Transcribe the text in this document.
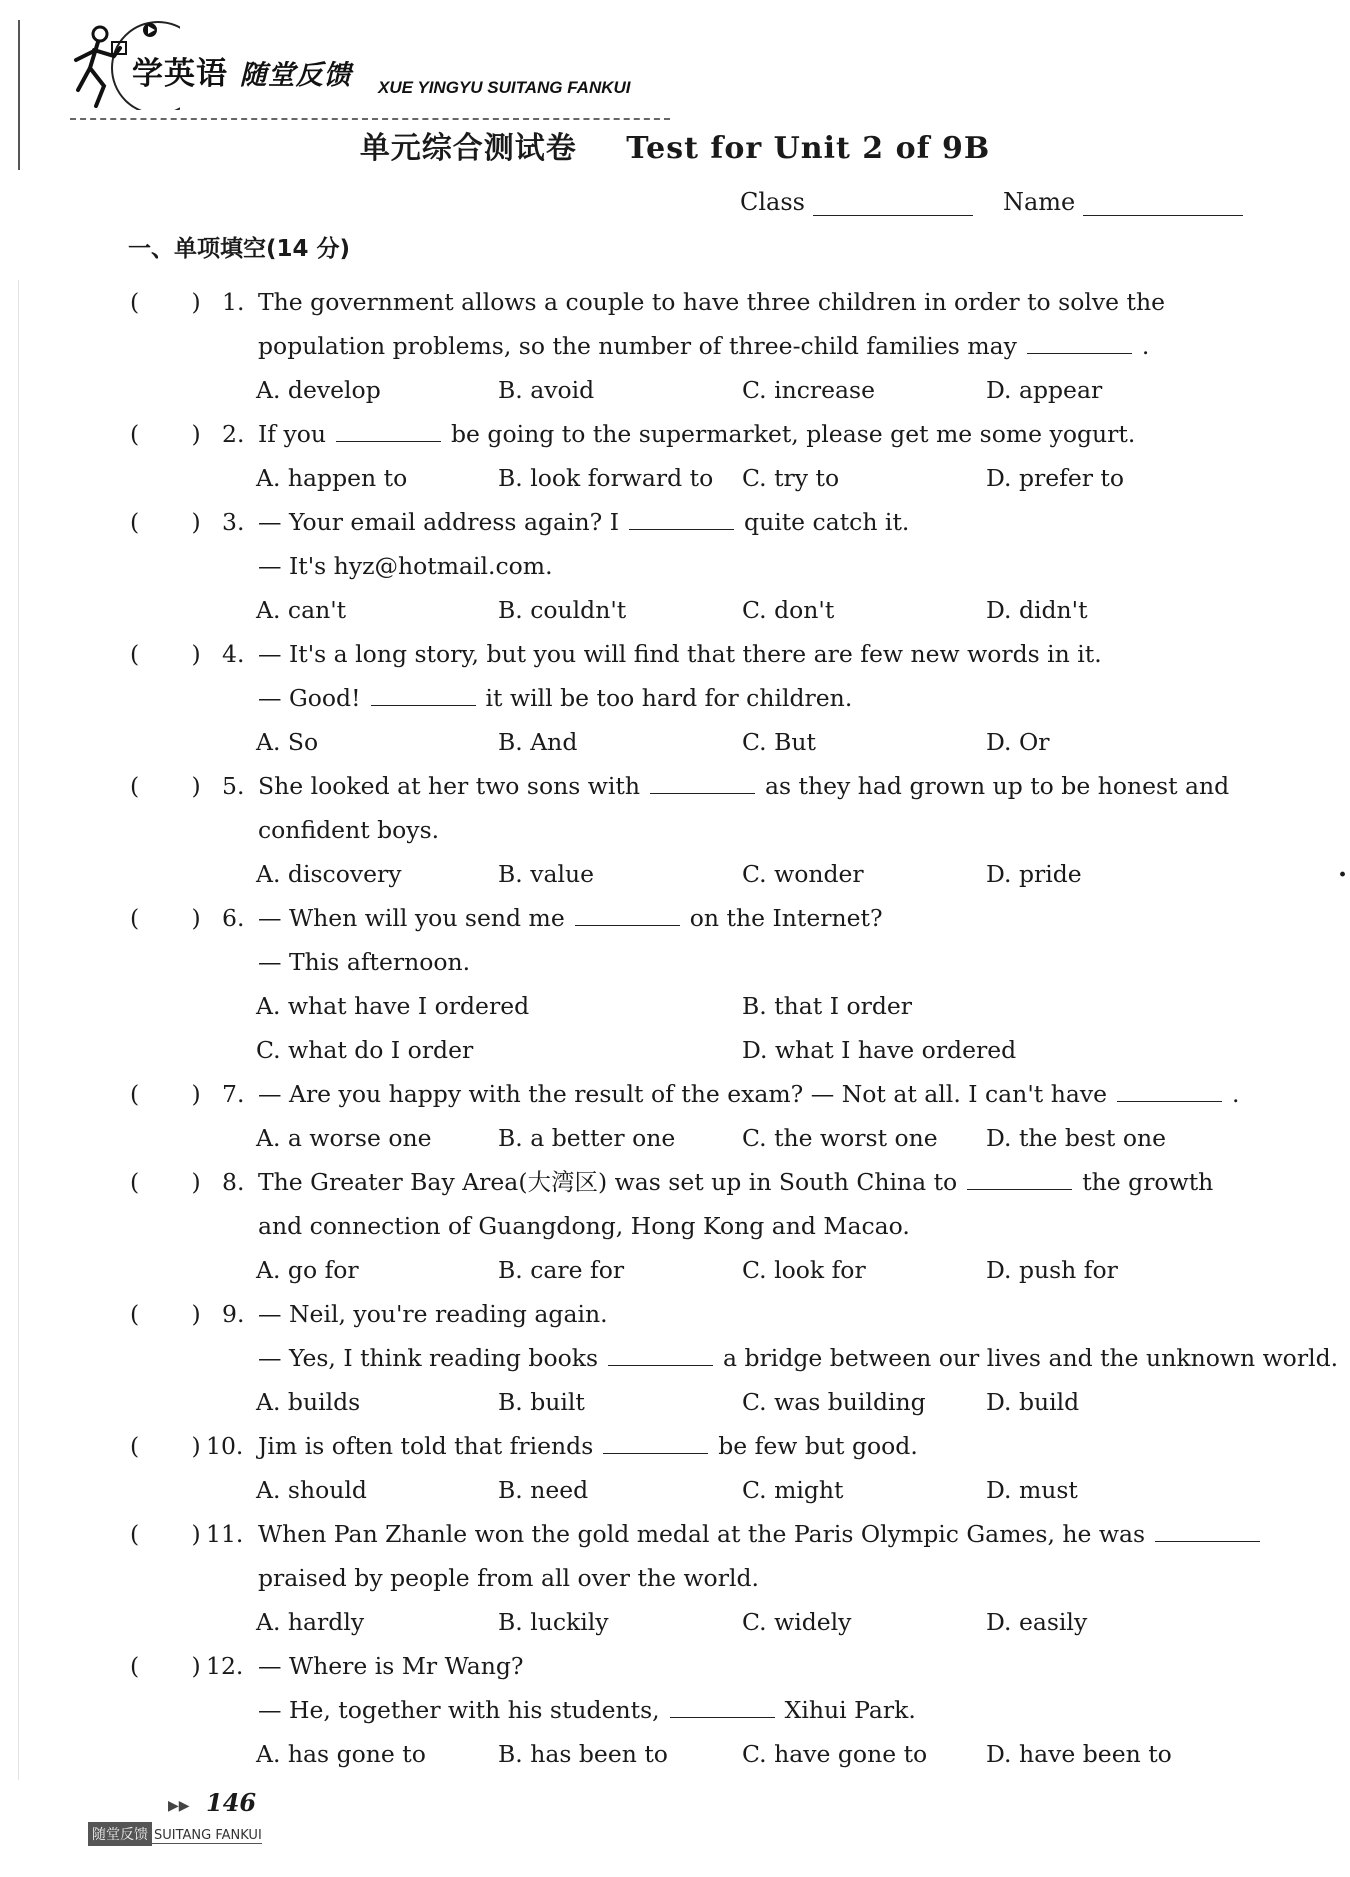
学英语 随堂反馈 XUE YINGYU SUITANG FANKUI
单元综合测试卷 Test for Unit 2 of 9B
Class	Name
一、单项填空(14 分)
(       ) 1. The government allows a couple to have three children in order to solve the
population problems, so the number of three-child families may	.
A. develop	B. avoid	C. increase	D. appear
(       ) 2. If you	be going to the supermarket, please get me some yogurt.
A. happen to	B. look forward to C. try to	D. prefer to
(       ) 3. — Your email address again? I	quite catch it.
— It's hyz@hotmail.com.
A. can't	B. couldn't	C. don't	D. didn't
(       ) 4. — It's a long story, but you will find that there are few new words in it.
— Good!	it will be too hard for children.
A. So	B. And	C. But	D. Or
(       ) 5. She looked at her two sons with	as they had grown up to be honest and
confident boys.
A. discovery	B. value	C. wonder	D. pride
(       ) 6. — When will you send me	on the Internet?
— This afternoon.
A. what have I ordered	B. that I order
C. what do I order	D. what I have ordered
(       ) 7. — Are you happy with the result of the exam? — Not at all. I can't have	.
A. a worse one	B. a better one	C. the worst one D. the best one
(       ) 8. The Greater Bay Area(大湾区) was set up in South China to	the growth
and connection of Guangdong, Hong Kong and Macao.
A. go for	B. care for	C. look for	D. push for
(       ) 9. — Neil, you're reading again.
— Yes, I think reading books	a bridge between our lives and the unknown world.
A. builds	B. built	C. was building	D. build
(       ) 10. Jim is often told that friends	be few but good.
A. should	B. need	C. might	D. must
(       ) 11. When Pan Zhanle won the gold medal at the Paris Olympic Games, he was
praised by people from all over the world.
A. hardly	B. luckily	C. widely	D. easily
(       ) 12. — Where is Mr Wang?
— He, together with his students,	Xihui Park.
A. has gone to	B. has been to	C. have gone to	D. have been to
·
▶▶ 146
随堂反馈 SUITANG FANKUI
